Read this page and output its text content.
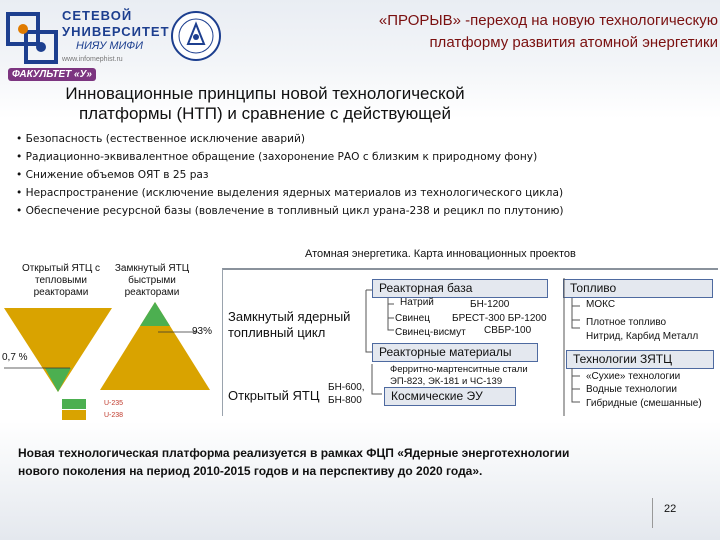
СЕТЕВОЙ
УНИВЕРСИТЕТ
НИЯУ МИФИ
www.infomephist.ru
ФАКУЛЬТЕТ «У»
«ПРОРЫВ» -переход на новую технологическую
платформу развития атомной энергетики
Инновационные принципы новой технологической
платформы (НТП) и сравнение с действующей
• Безопасность (естественное исключение аварий)
• Радиационно-эквивалентное обращение (захоронение РАО с близким к природному фону)
• Снижение объемов ОЯТ в 25 раз
• Нераспространение (исключение выделения ядерных материалов из технологического цикла)
• Обеспечение ресурсной базы (вовлечение в топливный цикл урана-238 и рецикл по плутонию)
Открытый ЯТЦ с тепловыми реакторами
Замкнутый ЯТЦ быстрыми реакторами
93%
0,7 %
U-235
U-238
Атомная энергетика. Карта инновационных проектов
Замкнутый ядерный топливный цикл
Открытый ЯТЦ
Реакторная база
Натрий
Свинец
Свинец-висмут
БН-1200
БРЕСТ-300 БР-1200
СВБР-100
БН-600,
БН-800
Реакторные материалы
Ферритно-мартенситные стали
ЭП-823, ЭК-181 и ЧС-139
Космические ЭУ
Топливо
МОКС
Плотное топливо
Нитрид, Карбид Металл
Технологии ЗЯТЦ
«Сухие» технологии
Водные технологии
Гибридные (смешанные)
Новая технологическая платформа реализуется в рамках ФЦП «Ядерные энерготехнологии
нового поколения на период 2010-2015 годов и на перспективу до 2020 года».
22
